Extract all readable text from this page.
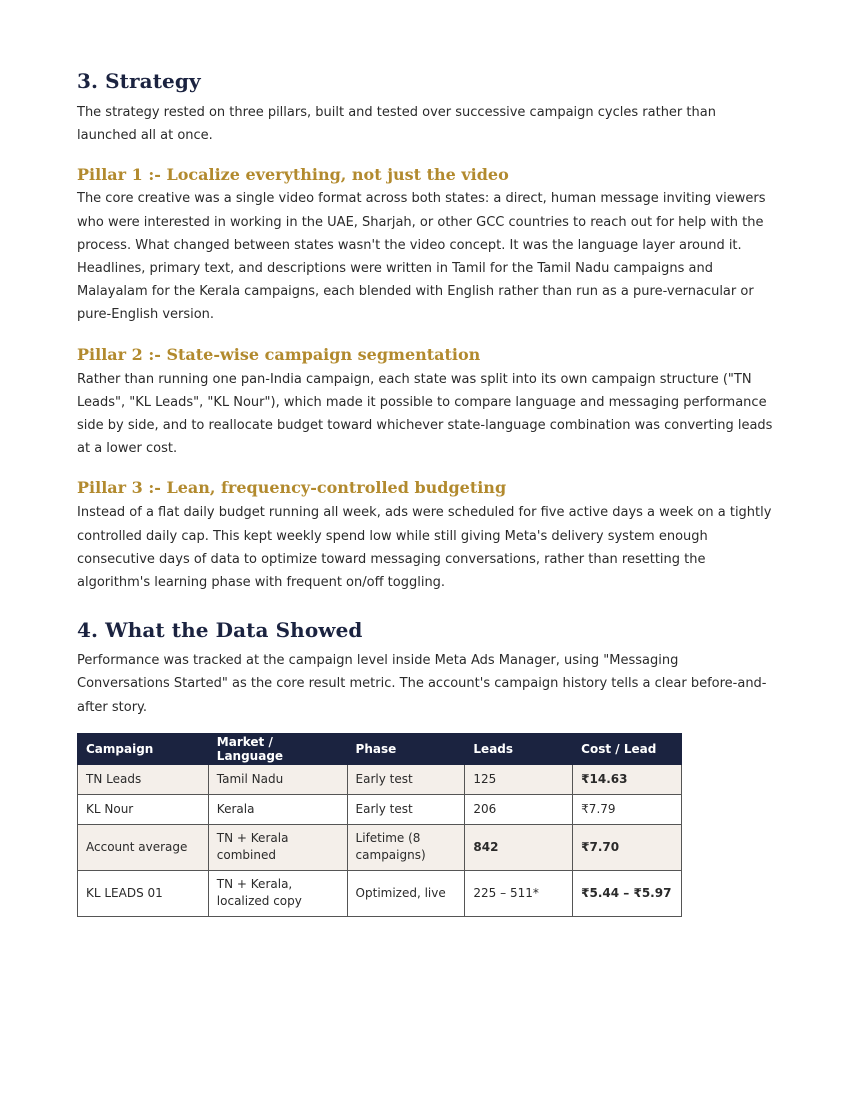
3. Strategy

The strategy rested on three pillars, built and tested over successive campaign cycles rather than launched all at once.

Pillar 1 :- Localize everything, not just the video

The core creative was a single video format across both states: a direct, human message inviting viewers who were interested in working in the UAE, Sharjah, or other GCC countries to reach out for help with the process. What changed between states wasn't the video concept. It was the language layer around it. Headlines, primary text, and descriptions were written in Tamil for the Tamil Nadu campaigns and Malayalam for the Kerala campaigns, each blended with English rather than run as a pure-vernacular or pure-English version.

Pillar 2 :- State-wise campaign segmentation

Rather than running one pan-India campaign, each state was split into its own campaign structure ("TN Leads", "KL Leads", "KL Nour"), which made it possible to compare language and messaging performance side by side, and to reallocate budget toward whichever state-language combination was converting leads at a lower cost.

Pillar 3 :- Lean, frequency-controlled budgeting

Instead of a flat daily budget running all week, ads were scheduled for five active days a week on a tightly controlled daily cap. This kept weekly spend low while still giving Meta's delivery system enough consecutive days of data to optimize toward messaging conversations, rather than resetting the algorithm's learning phase with frequent on/off toggling.

4. What the Data Showed

Performance was tracked at the campaign level inside Meta Ads Manager, using "Messaging Conversations Started" as the core result metric. The account's campaign history tells a clear before-and-after story.

Campaign	Market / Language	Phase	Leads	Cost / Lead
TN Leads	Tamil Nadu	Early test	125	₹14.63
KL Nour	Kerala	Early test	206	₹7.79
Account average	TN + Kerala combined	Lifetime (8 campaigns)	842	₹7.70
KL LEADS 01	TN + Kerala, localized copy	Optimized, live	225 – 511*	₹5.44 – ₹5.97
